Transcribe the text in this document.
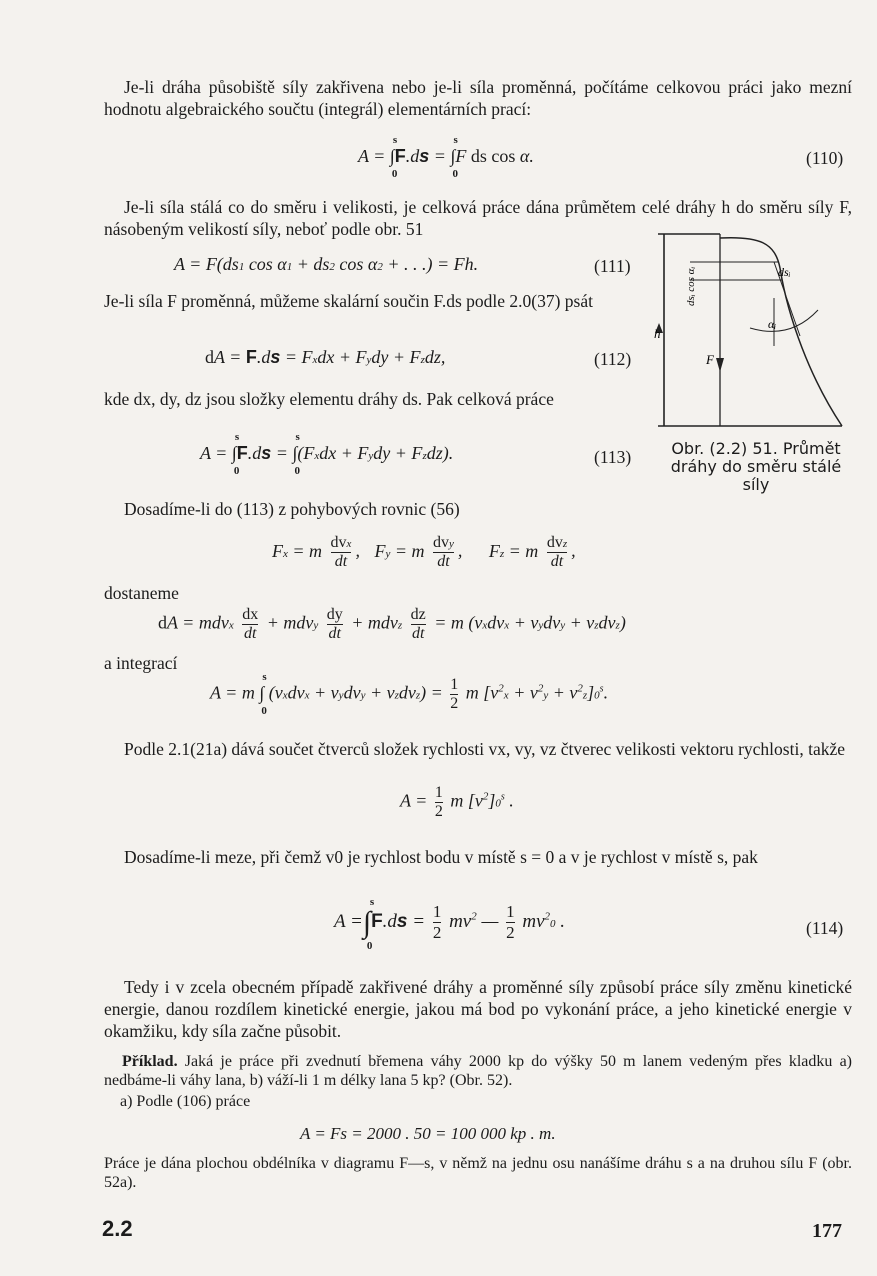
Je-li dráha působiště síly zakřivena nebo je-li síla proměnná, počítáme celkovou práci jako mezní hodnotu algebraického součtu (integrál) elementárních prací:
A = ∫
s
0
F.ds = ∫
s
0
F ds cos α.	(110)
Je-li síla stálá co do směru i velikosti, je celková práce dána průmětem celé dráhy h do směru síly F, násobeným velikostí síly, neboť podle obr. 51
A = F(ds1 cos α1 + ds2 cos α2 + . . .) = Fh.	(111)
Je-li síla F proměnná, můžeme skalární součin F.ds podle 2.0(37) psát
dA = F.ds = Fxdx + Fydy + Fzdz,	(112)
kde dx, dy, dz jsou složky elementu dráhy ds. Pak celková práce
A = ∫
s
0
F.ds = ∫
s
0
(Fxdx + Fydy + Fzdz).	(113)
h
F
dsᵢ
αᵢ
dsᵢ cos αᵢ
Obr. (2.2) 51. Průmět dráhy do směru stálé síly
Dosadíme-li do (113) z pohybových rovnic (56)
Fx = m dvx
dt
, Fy = m dvy
dt
, Fz = m dvz
dt
,
dostaneme
dA = mdvx $\frac{dx}{dt}$ + mdvy $\frac{dy}{dt}$ + mdvz $\frac{dz}{dt} = m$ (vxdvx + vydvy + vzdvz)
a integrací
A = m ∫
s
0
(vxdvx + vydvy + vzdvz) = $\frac{1}{2}$ m $[v^2x + v^2y + v^2z]0^s$.
Podle 2.1(21a) dává součet čtverců složek rychlosti vx, vy, vz čtverec velikosti vektoru rychlosti, takže
$A = \frac{1}{2}$ m $[v^2]0^s$ .
Dosadíme-li meze, při čemž v0 je rychlost bodu v místě s = 0 a v je rychlost v místě s, pak
A =∫
s
0
$F.ds = \frac{1}{2} mv^2$ — $\frac{1}{2} mv^20$ .	(114)
Tedy i v zcela obecném případě zakřivené dráhy a proměnné síly způsobí práce síly změnu kinetické energie, danou rozdílem kinetické energie, jakou má bod po vykonání práce, a jeho kinetické energie v okamžiku, kdy síla začne působit.
Příklad. Jaká je práce při zvednutí břemena váhy 2000 kp do výšky 50 m lanem vedeným přes kladku a) nedbáme-li váhy lana, b) váží-li 1 m délky lana 5 kp? (Obr. 52).
a) Podle (106) práce
A = Fs = 2000 . 50 = 100 000 kp . m.
Práce je dána plochou obdélníka v diagramu F—s, v němž na jednu osu nanášíme dráhu s a na druhou sílu F (obr. 52a).
2.2	177
